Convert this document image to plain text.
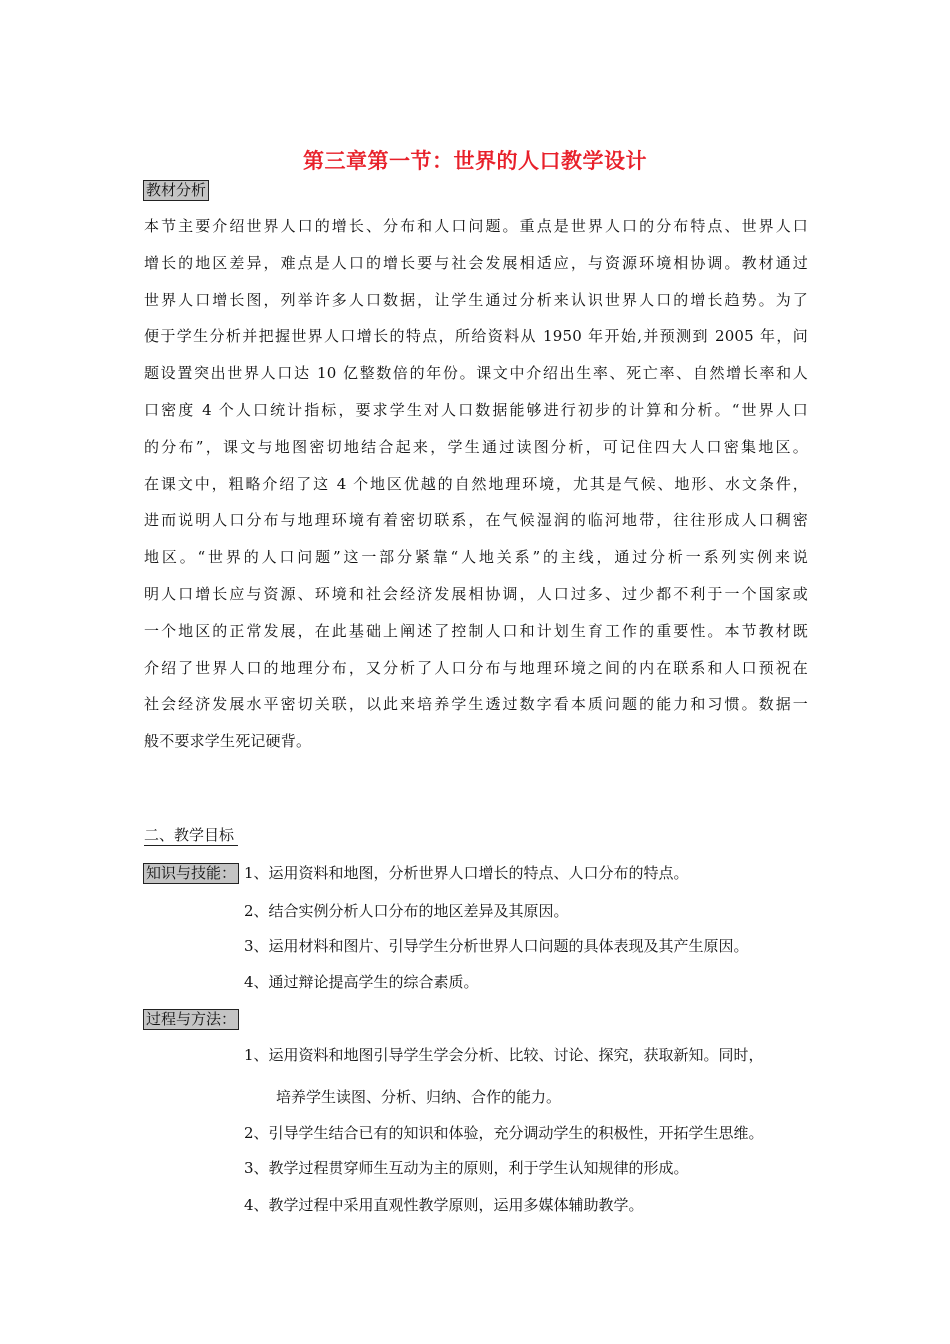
第三章第一节：世界的人口教学设计
教材分析
本节主要介绍世界人口的增长、分布和人口问题。重点是世界人口的分布特点、世界人口
增长的地区差异，难点是人口的增长要与社会发展相适应，与资源环境相协调。教材通过
世界人口增长图，列举许多人口数据，让学生通过分析来认识世界人口的增长趋势。为了
便于学生分析并把握世界人口增长的特点，所给资料从 1950 年开始,并预测到 2005 年，问
题设置突出世界人口达 10 亿整数倍的年份。课文中介绍出生率、死亡率、自然增长率和人
口密度 4 个人口统计指标，要求学生对人口数据能够进行初步的计算和分析。“世界人口
的分布”，课文与地图密切地结合起来，学生通过读图分析，可记住四大人口密集地区。
在课文中，粗略介绍了这 4 个地区优越的自然地理环境，尤其是气候、地形、水文条件，
进而说明人口分布与地理环境有着密切联系，在气候湿润的临河地带，往往形成人口稠密
地区。“世界的人口问题”这一部分紧靠“人地关系”的主线，通过分析一系列实例来说
明人口增长应与资源、环境和社会经济发展相协调，人口过多、过少都不利于一个国家或
一个地区的正常发展，在此基础上阐述了控制人口和计划生育工作的重要性。本节教材既
介绍了世界人口的地理分布，又分析了人口分布与地理环境之间的内在联系和人口预祝在
社会经济发展水平密切关联，以此来培养学生透过数字看本质问题的能力和习惯。数据一
般不要求学生死记硬背。
二、教学目标
知识与技能： 1、运用资料和地图，分析世界人口增长的特点、人口分布的特点。
2、结合实例分析人口分布的地区差异及其原因。
3、运用材料和图片、引导学生分析世界人口问题的具体表现及其产生原因。
4、通过辩论提高学生的综合素质。
过程与方法：
1、运用资料和地图引导学生学会分析、比较、讨论、探究，获取新知。同时，
培养学生读图、分析、归纳、合作的能力。
2、引导学生结合已有的知识和体验，充分调动学生的积极性，开拓学生思维。
3、教学过程贯穿师生互动为主的原则，利于学生认知规律的形成。
4、教学过程中采用直观性教学原则，运用多媒体辅助教学。
